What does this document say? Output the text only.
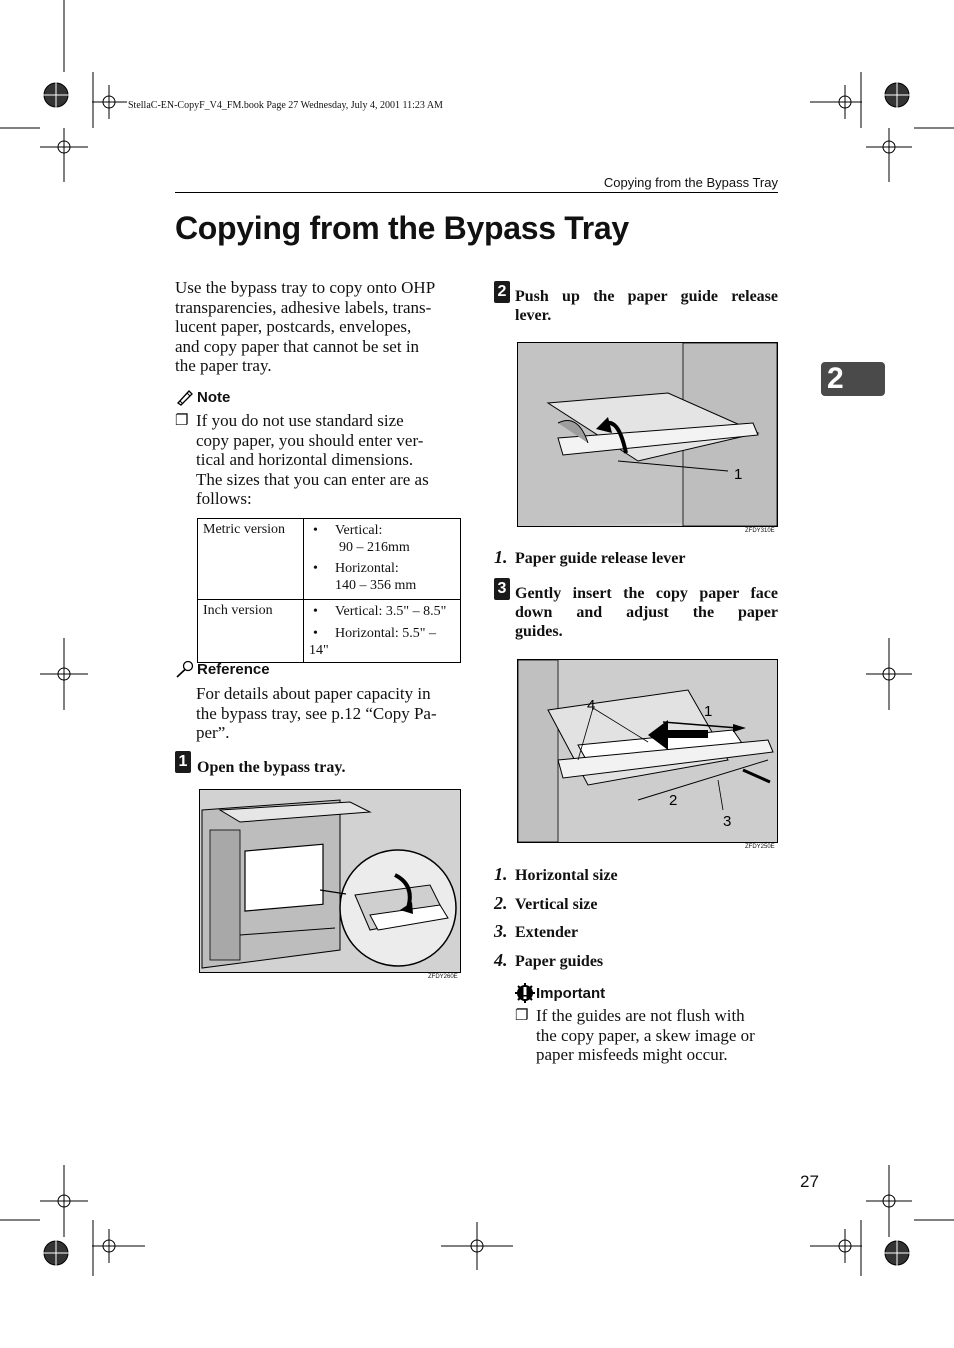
StellaC-EN-CopyF_V4_FM.book Page 27 Wednesday, July 4, 2001 11:23 AM
Copying from the Bypass Tray
2
Copying from the Bypass Tray
Use the bypass tray to copy onto OHP
transparencies, adhesive labels, trans-
lucent paper, postcards, envelopes,
and copy paper that cannot be set in
the paper tray.
Note
❐ If you do not use standard size
copy paper, you should enter ver-
tical and horizontal dimensions.
The sizes that you can enter are as
follows:
Metric version	• Vertical:
90 – 216mm
• Horizontal:
140 – 356 mm

Inch version	• Vertical: 3.5" – 8.5"
• Horizontal: 5.5" – 14"
Reference
For details about paper capacity in
the bypass tray, see p.12 “Copy Pa-
per”.
1 Open the bypass tray.
ZFDY260E
2 Push up the paper guide release
lever.
1
ZFDY310E
1. Paper guide release lever
3 Gently insert the copy paper face
down and adjust the paper
guides.
4	1
2
3
ZFDY250E
1. Horizontal size
2. Vertical size
3. Extender
4. Paper guides
Important
❐ If the guides are not flush with
the copy paper, a skew image or
paper misfeeds might occur.
27
